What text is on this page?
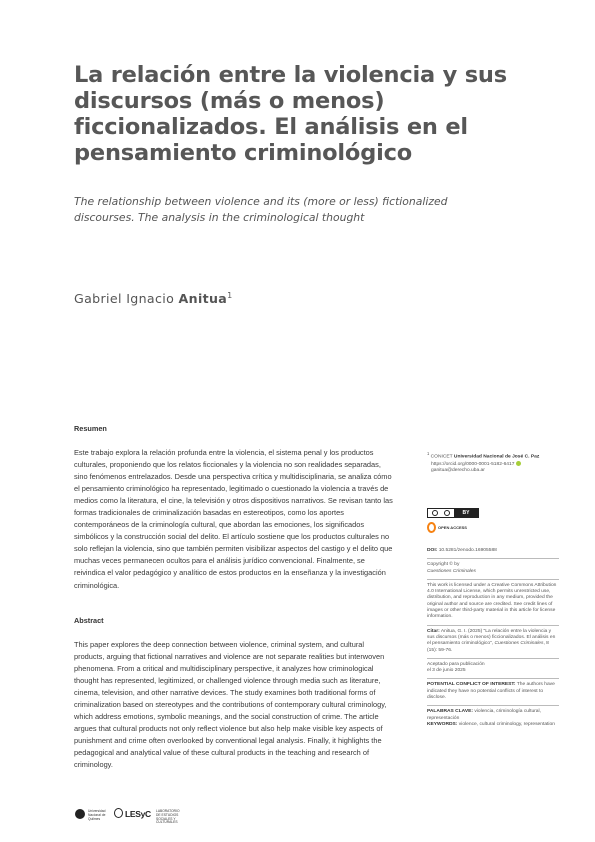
La relación entre la violencia y sus discursos (más o menos) ficcionalizados. El análisis en el pensamiento criminológico

The relationship between violence and its (more or less) fictionalized discourses. The analysis in the criminological thought

Gabriel Ignacio Anitua$^1$
Resumen

Este trabajo explora la relación profunda entre la violencia, el sistema penal y los productos culturales, proponiendo que los relatos ficcionales y la violencia no son realidades separadas, sino fenómenos entrelazados. Desde una perspectiva crítica y multidisciplinaria, se analiza cómo el pensamiento criminológico ha representado, legitimado o cuestionado la violencia a través de medios como la literatura, el cine, la televisión y otros dispositivos narrativos. Se revisan tanto las formas tradicionales de criminalización basadas en estereotipos, como los aportes contemporáneos de la criminología cultural, que abordan las emociones, los significados simbólicos y la construcción social del delito. El artículo sostiene que los productos culturales no solo reflejan la violencia, sino que también permiten visibilizar aspectos del castigo y el delito que muchas veces permanecen ocultos para el análisis jurídico convencional. Finalmente, se reivindica el valor pedagógico y analítico de estos productos en la enseñanza y la investigación criminológica.

Abstract

This paper explores the deep connection between violence, criminal system, and cultural products, arguing that fictional narratives and violence are not separate realities but interwoven phenomena. From a critical and multidisciplinary perspective, it analyzes how criminological thought has represented, legitimized, or challenged violence through media such as literature, cinema, television, and other narrative devices. The study examines both traditional forms of criminalization based on stereotypes and the contributions of contemporary cultural criminology, which address emotions, symbolic meanings, and the social construction of crime. The article argues that cultural products not only reflect violence but also help make visible key aspects of punishment and crime often overlooked by conventional legal analysis. Finally, it highlights the pedagogical and analytical value of these cultural products in the teaching and research of criminology.

$^1$ CONICET Universidad Nacional de José C. Paz

https://orcid.org/0000-0001-5182-6417

ganitua@derecho.uba.ar

BY
OPEN ACCESS

DOI: 10.5281/zenodo.16905588

Copyright © by

Cuestiones Criminales

This work is licensed under a Creative Commons Attribution 4.0 International License, which permits unrestricted use, distribution, and reproduction in any medium, provided the original author and source are credited. See credit lines of images or other third-party material in this article for license information.

Citar: Anitua, G. I. (2025) "La relación entre la violencia y sus discursos (más o menos) ficcionalizados. El análisis en el pensamiento criminológico", Cuestiones Criminales, 8 (15): 59-76.

Aceptado para publicación

el 3 de junio 2025

POTENTIAL CONFLICT OF INTEREST: The authors have indicated they have no potential conflicts of interest to disclose.

PALABRAS CLAVE: violencia, criminología cultural, representación

KEYWORDS: violence, cultural criminology, representation

Universidad Nacional de Quilmes	LESyC LABORATORIO DE ESTUDIOS SOCIALES Y CULTURALES
